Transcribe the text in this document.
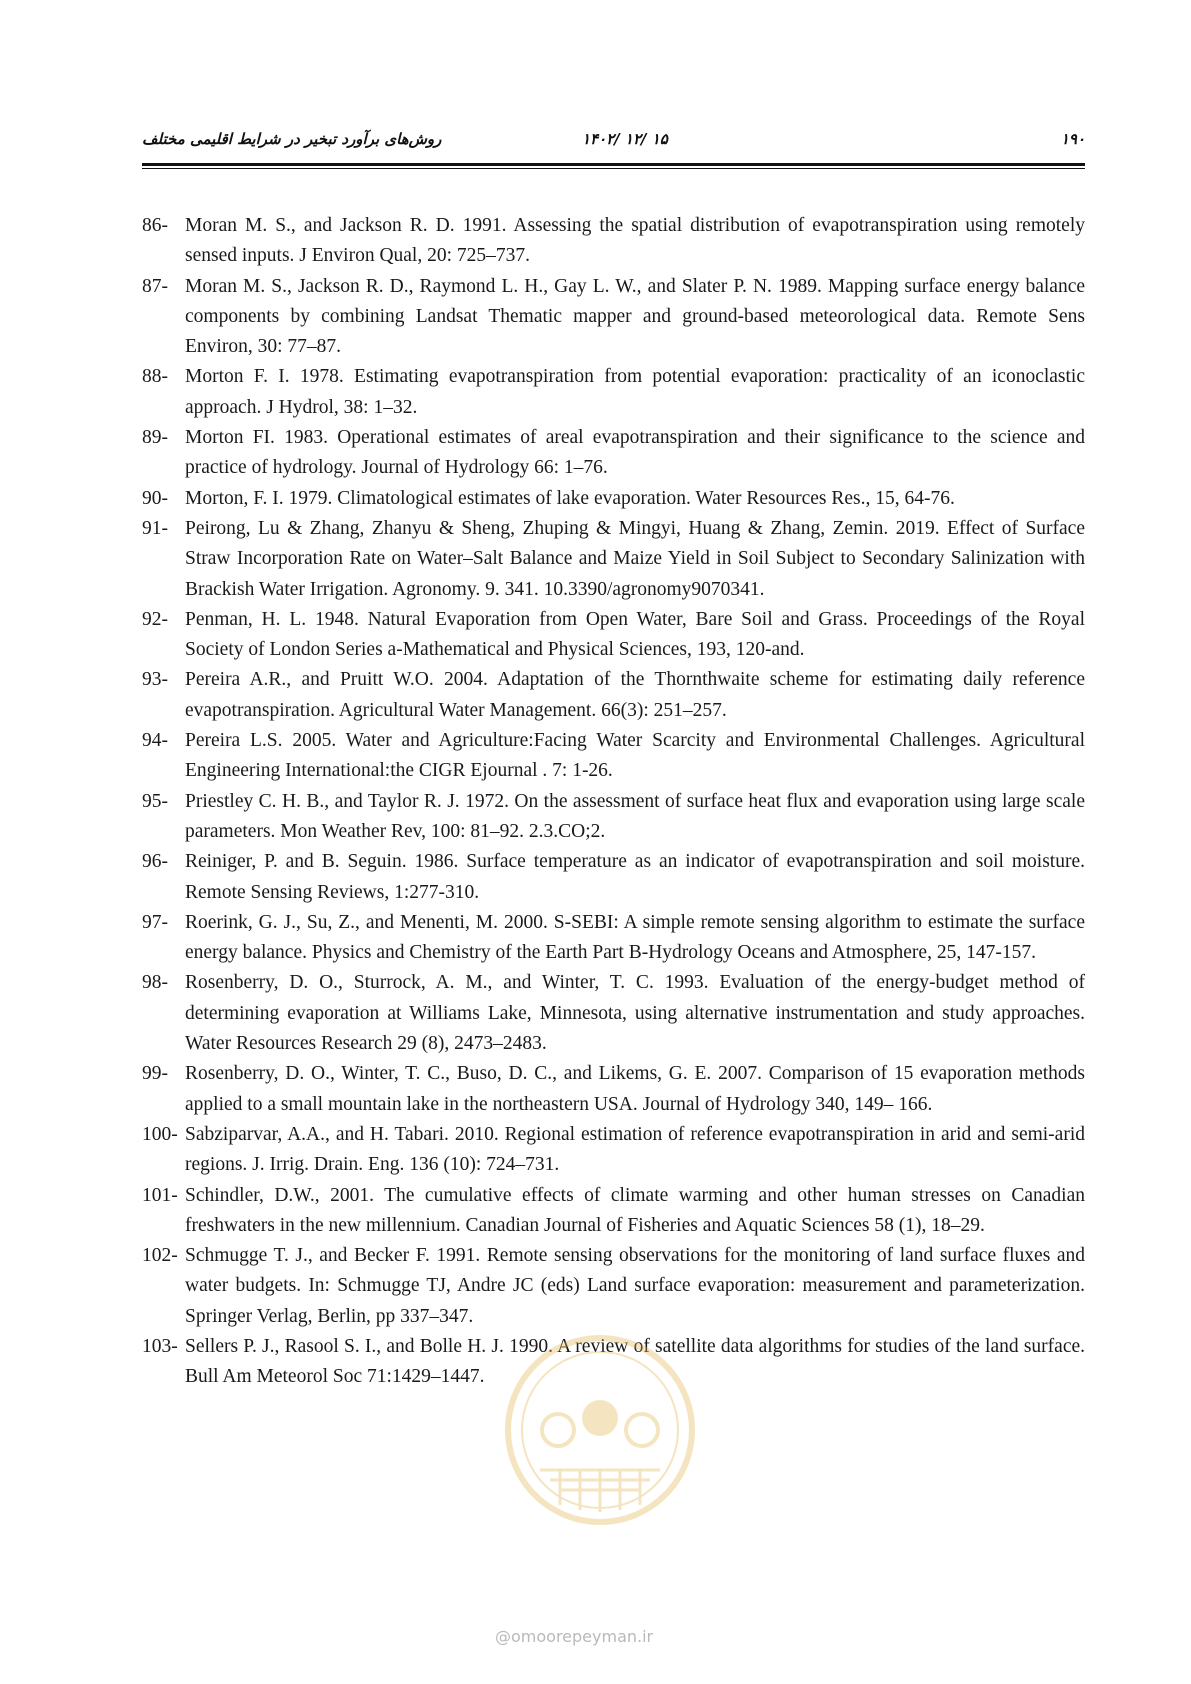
روش‌های برآورد تبخیر در شرایط اقلیمی مختلف	۱۴۰۲/ ۱۲/ ۱۵	۱۹۰
86- Moran M. S., and Jackson R. D. 1991. Assessing the spatial distribution of evapotranspiration using remotely sensed inputs. J Environ Qual, 20: 725–737.
87- Moran M. S., Jackson R. D., Raymond L. H., Gay L. W., and Slater P. N. 1989. Mapping surface energy balance components by combining Landsat Thematic mapper and ground-based meteorological data. Remote Sens Environ, 30: 77–87.
88- Morton F. I. 1978. Estimating evapotranspiration from potential evaporation: practicality of an iconoclastic approach. J Hydrol, 38: 1–32.
89- Morton FI. 1983. Operational estimates of areal evapotranspiration and their significance to the science and practice of hydrology. Journal of Hydrology 66: 1–76.
90- Morton, F. I. 1979. Climatological estimates of lake evaporation. Water Resources Res., 15, 64-76.
91- Peirong, Lu & Zhang, Zhanyu & Sheng, Zhuping & Mingyi, Huang & Zhang, Zemin. 2019. Effect of Surface Straw Incorporation Rate on Water–Salt Balance and Maize Yield in Soil Subject to Secondary Salinization with Brackish Water Irrigation. Agronomy. 9. 341. 10.3390/agronomy9070341.
92- Penman, H. L. 1948. Natural Evaporation from Open Water, Bare Soil and Grass. Proceedings of the Royal Society of London Series a-Mathematical and Physical Sciences, 193, 120-and.
93- Pereira A.R., and Pruitt W.O. 2004. Adaptation of the Thornthwaite scheme for estimating daily reference evapotranspiration. Agricultural Water Management. 66(3): 251–257.
94- Pereira L.S. 2005. Water and Agriculture:Facing Water Scarcity and Environmental Challenges. Agricultural Engineering International:the CIGR Ejournal . 7: 1-26.
95- Priestley C. H. B., and Taylor R. J. 1972. On the assessment of surface heat flux and evaporation using large scale parameters. Mon Weather Rev, 100: 81–92. 2.3.CO;2.
96- Reiniger, P. and B. Seguin. 1986. Surface temperature as an indicator of evapotranspiration and soil moisture. Remote Sensing Reviews, 1:277-310.
97- Roerink, G. J., Su, Z., and Menenti, M. 2000. S-SEBI: A simple remote sensing algorithm to estimate the surface energy balance. Physics and Chemistry of the Earth Part B-Hydrology Oceans and Atmosphere, 25, 147-157.
98- Rosenberry, D. O., Sturrock, A. M., and Winter, T. C. 1993. Evaluation of the energy-budget method of determining evaporation at Williams Lake, Minnesota, using alternative instrumentation and study approaches. Water Resources Research 29 (8), 2473–2483.
99- Rosenberry, D. O., Winter, T. C., Buso, D. C., and Likems, G. E. 2007. Comparison of 15 evaporation methods applied to a small mountain lake in the northeastern USA. Journal of Hydrology 340, 149– 166.
100- Sabziparvar, A.A., and H. Tabari. 2010. Regional estimation of reference evapotranspiration in arid and semi-arid regions. J. Irrig. Drain. Eng. 136 (10): 724–731.
101- Schindler, D.W., 2001. The cumulative effects of climate warming and other human stresses on Canadian freshwaters in the new millennium. Canadian Journal of Fisheries and Aquatic Sciences 58 (1), 18–29.
102- Schmugge T. J., and Becker F. 1991. Remote sensing observations for the monitoring of land surface fluxes and water budgets. In: Schmugge TJ, Andre JC (eds) Land surface evaporation: measurement and parameterization. Springer Verlag, Berlin, pp 337–347.
103- Sellers P. J., Rasool S. I., and Bolle H. J. 1990. A review of satellite data algorithms for studies of the land surface. Bull Am Meteorol Soc 71:1429–1447.
@omoorepeyman.ir
